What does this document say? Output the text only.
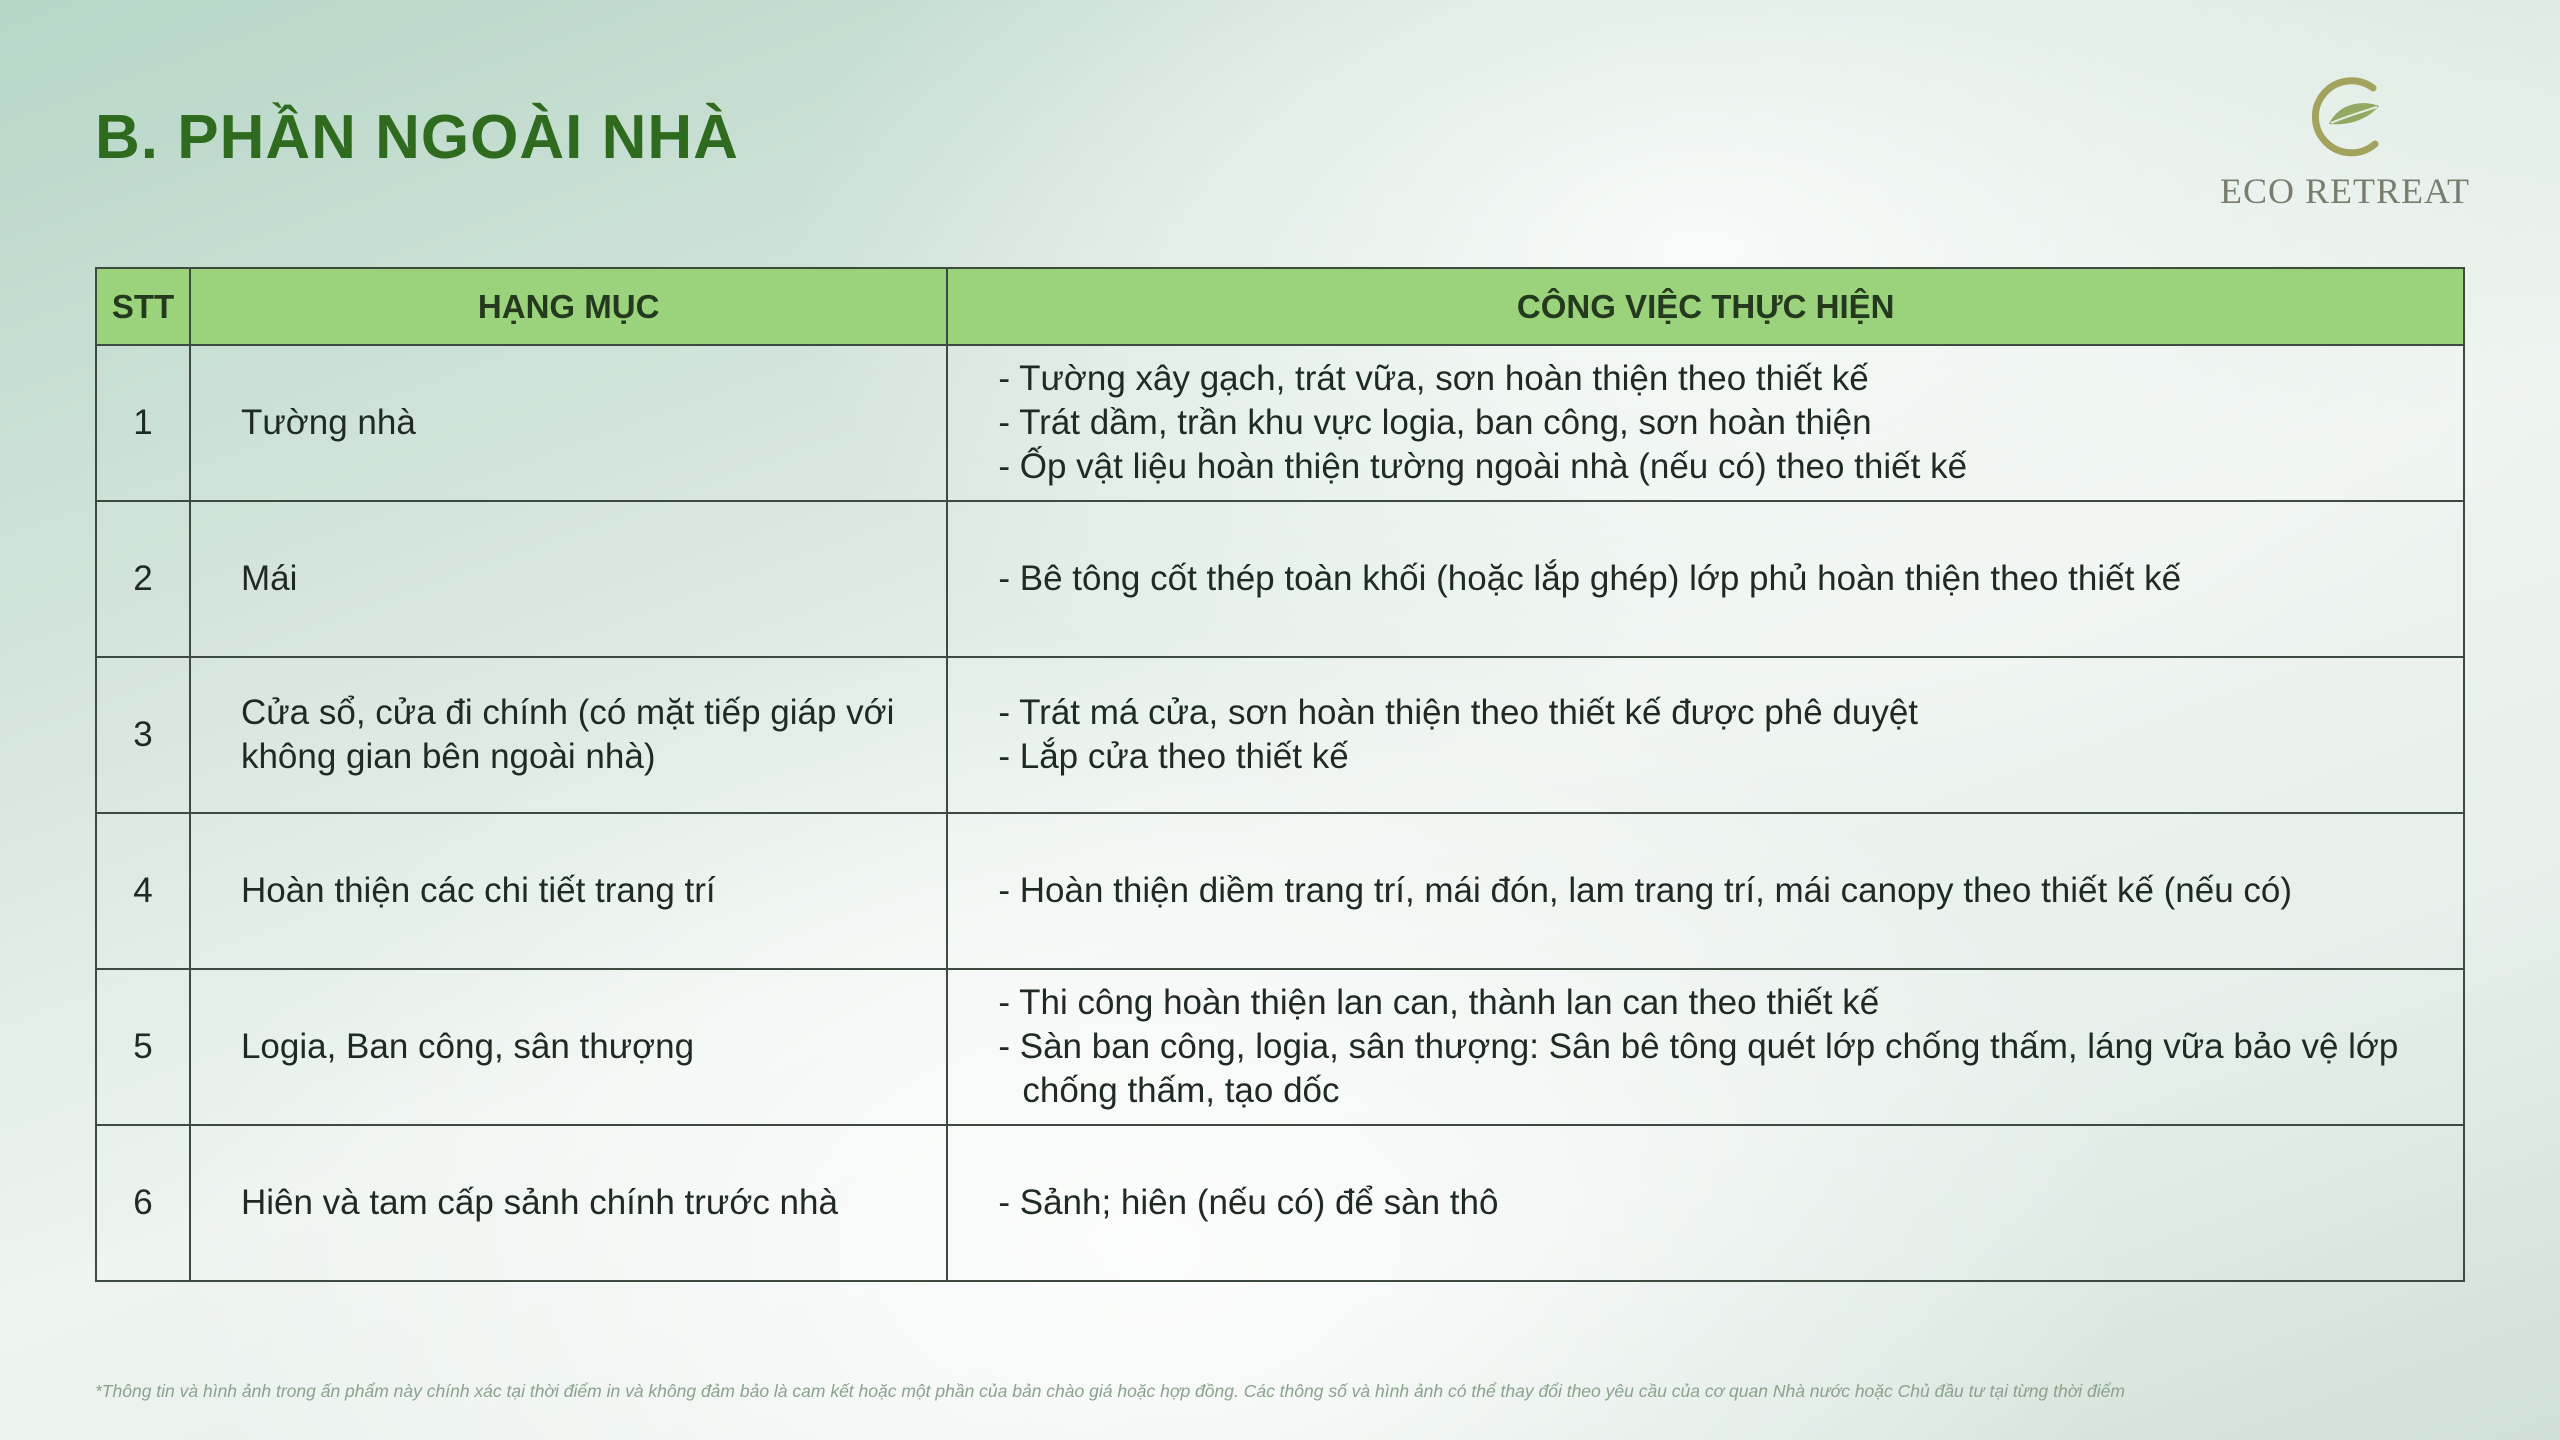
B. PHẦN NGOÀI NHÀ
ECO RETREAT
STT	HẠNG MỤC	CÔNG VIỆC THỰC HIỆN
1	Tường nhà	- Tường xây gạch, trát vữa, sơn hoàn thiện theo thiết kế
- Trát dầm, trần khu vực logia, ban công, sơn hoàn thiện
- Ốp vật liệu hoàn thiện tường ngoài nhà (nếu có) theo thiết kế

2	Mái	- Bê tông cốt thép toàn khối (hoặc lắp ghép) lớp phủ hoàn thiện theo thiết kế

3	Cửa sổ, cửa đi chính (có mặt tiếp giáp với không gian bên ngoài nhà)	- Trát má cửa, sơn hoàn thiện theo thiết kế được phê duyệt
- Lắp cửa theo thiết kế

4	Hoàn thiện các chi tiết trang trí	- Hoàn thiện diềm trang trí, mái đón, lam trang trí, mái canopy theo thiết kế (nếu có)

5	Logia, Ban công, sân thượng	- Thi công hoàn thiện lan can, thành lan can theo thiết kế
- Sàn ban công, logia, sân thượng: Sân bê tông quét lớp chống thấm, láng vữa bảo vệ lớp chống thấm, tạo dốc

6	Hiên và tam cấp sảnh chính trước nhà	- Sảnh; hiên (nếu có) để sàn thô
*Thông tin và hình ảnh trong ấn phẩm này chính xác tại thời điểm in và không đảm bảo là cam kết hoặc một phần của bản chào giá hoặc hợp đồng. Các thông số và hình ảnh có thể thay đổi theo yêu cầu của cơ quan Nhà nước hoặc Chủ đầu tư tại từng thời điểm
